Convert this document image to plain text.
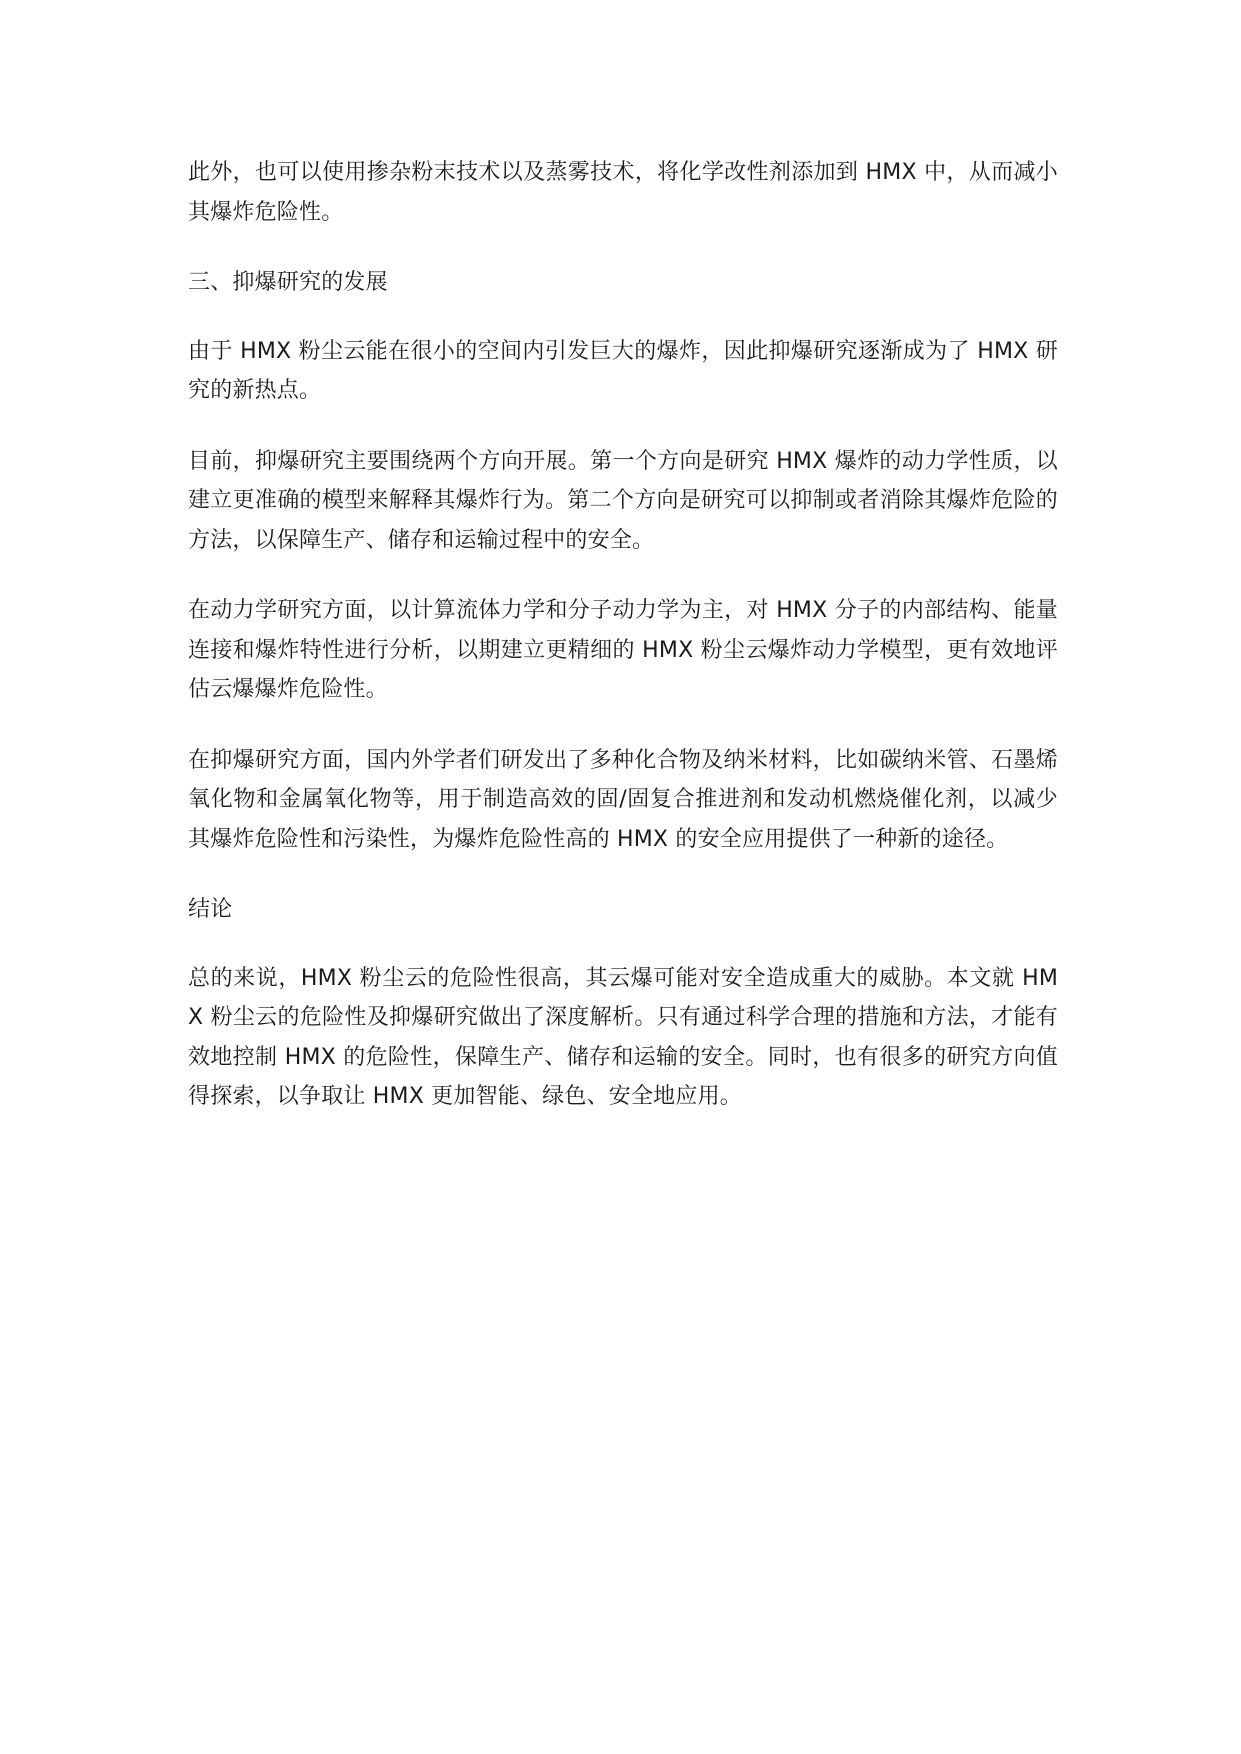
此外，也可以使用掺杂粉末技术以及蒸雾技术，将化学改性剂添加到 HMX 中，从而减小其爆炸危险性。

三、抑爆研究的发展

由于 HMX 粉尘云能在很小的空间内引发巨大的爆炸，因此抑爆研究逐渐成为了 HMX 研究的新热点。

目前，抑爆研究主要围绕两个方向开展。第一个方向是研究 HMX 爆炸的动力学性质，以建立更准确的模型来解释其爆炸行为。第二个方向是研究可以抑制或者消除其爆炸危险的方法，以保障生产、储存和运输过程中的安全。

在动力学研究方面，以计算流体力学和分子动力学为主，对 HMX 分子的内部结构、能量连接和爆炸特性进行分析，以期建立更精细的 HMX 粉尘云爆炸动力学模型，更有效地评估云爆爆炸危险性。

在抑爆研究方面，国内外学者们研发出了多种化合物及纳米材料，比如碳纳米管、石墨烯氧化物和金属氧化物等，用于制造高效的固/固复合推进剂和发动机燃烧催化剂，以减少其爆炸危险性和污染性，为爆炸危险性高的 HMX 的安全应用提供了一种新的途径。

结论

总的来说，HMX 粉尘云的危险性很高，其云爆可能对安全造成重大的威胁。本文就 HMX 粉尘云的危险性及抑爆研究做出了深度解析。只有通过科学合理的措施和方法，才能有效地控制 HMX 的危险性，保障生产、储存和运输的安全。同时，也有很多的研究方向值得探索，以争取让 HMX 更加智能、绿色、安全地应用。
